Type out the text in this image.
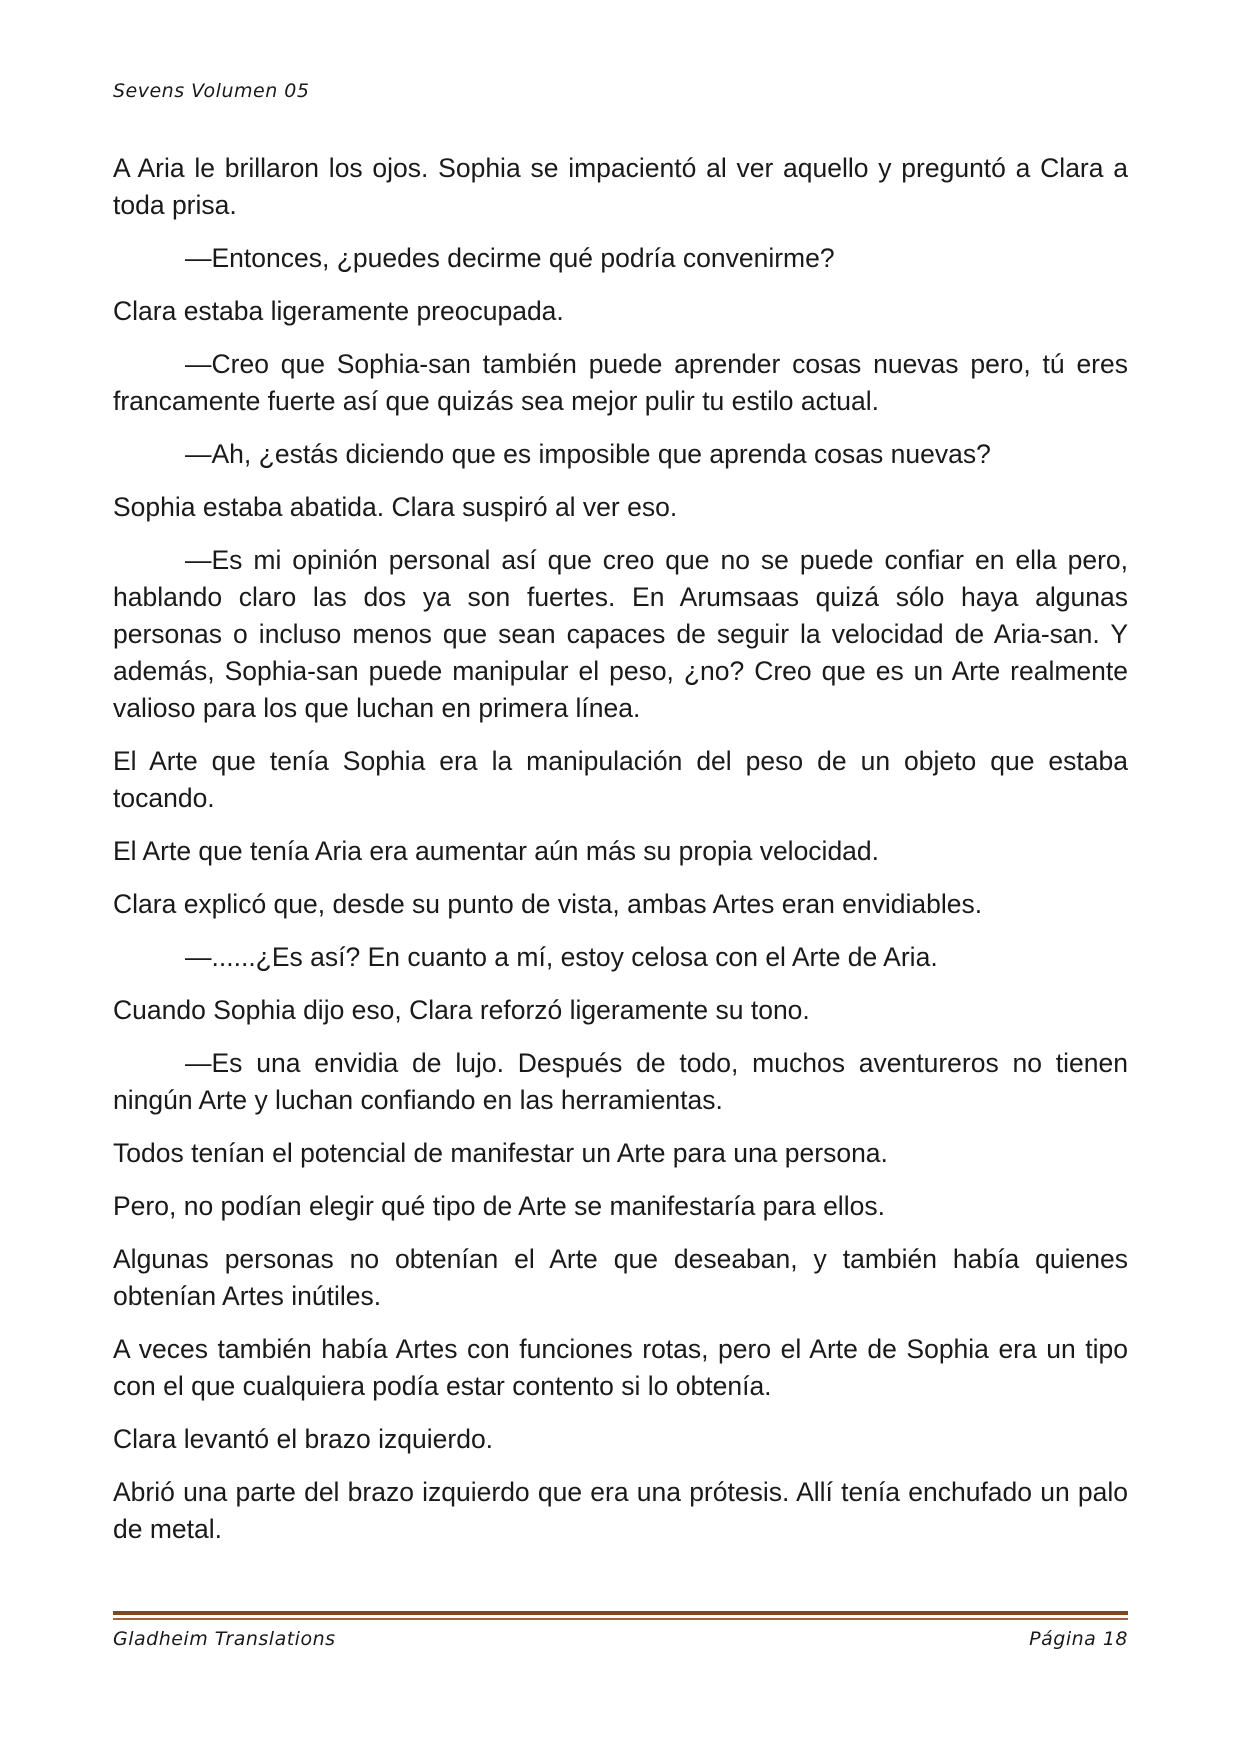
Sevens Volumen 05

A Aria le brillaron los ojos. Sophia se impacientó al ver aquello y preguntó a Clara a toda prisa.

—Entonces, ¿puedes decirme qué podría convenirme?

Clara estaba ligeramente preocupada.

—Creo que Sophia-san también puede aprender cosas nuevas pero, tú eres francamente fuerte así que quizás sea mejor pulir tu estilo actual.

—Ah, ¿estás diciendo que es imposible que aprenda cosas nuevas?

Sophia estaba abatida. Clara suspiró al ver eso.

—Es mi opinión personal así que creo que no se puede confiar en ella pero, hablando claro las dos ya son fuertes. En Arumsaas quizá sólo haya algunas personas o incluso menos que sean capaces de seguir la velocidad de Aria-san. Y además, Sophia-san puede manipular el peso, ¿no? Creo que es un Arte realmente valioso para los que luchan en primera línea.

El Arte que tenía Sophia era la manipulación del peso de un objeto que estaba tocando.

El Arte que tenía Aria era aumentar aún más su propia velocidad.

Clara explicó que, desde su punto de vista, ambas Artes eran envidiables.

—......¿Es así? En cuanto a mí, estoy celosa con el Arte de Aria.

Cuando Sophia dijo eso, Clara reforzó ligeramente su tono.

—Es una envidia de lujo. Después de todo, muchos aventureros no tienen ningún Arte y luchan confiando en las herramientas.

Todos tenían el potencial de manifestar un Arte para una persona.

Pero, no podían elegir qué tipo de Arte se manifestaría para ellos.

Algunas personas no obtenían el Arte que deseaban, y también había quienes obtenían Artes inútiles.

A veces también había Artes con funciones rotas, pero el Arte de Sophia era un tipo con el que cualquiera podía estar contento si lo obtenía.

Clara levantó el brazo izquierdo.

Abrió una parte del brazo izquierdo que era una prótesis. Allí tenía enchufado un palo de metal.

Gladheim Translations	Página 18
